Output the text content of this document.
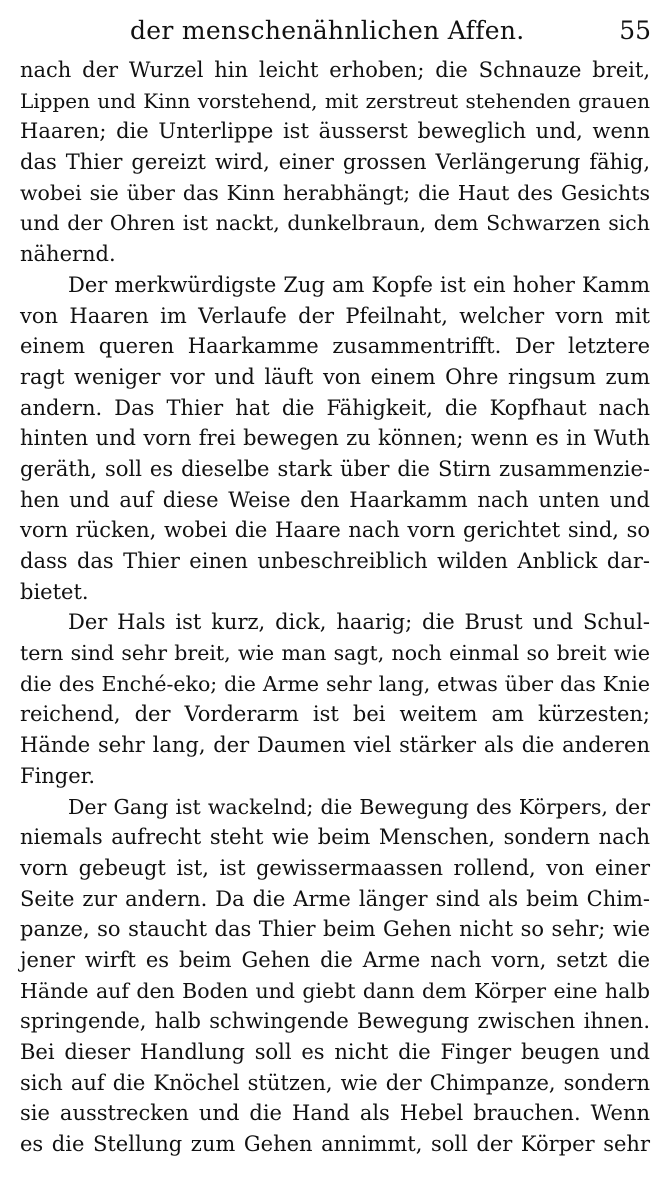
der menschenähnlichen Affen.	55
nach der Wurzel hin leicht erhoben; die Schnauze breit,
Lippen und Kinn vorstehend, mit zerstreut stehenden grauen
Haaren; die Unterlippe ist äusserst beweglich und, wenn
das Thier gereizt wird, einer grossen Verlängerung fähig,
wobei sie über das Kinn herabhängt; die Haut des Gesichts
und der Ohren ist nackt, dunkelbraun, dem Schwarzen sich
nähernd.
Der merkwürdigste Zug am Kopfe ist ein hoher Kamm
von Haaren im Verlaufe der Pfeilnaht, welcher vorn mit
einem queren Haarkamme zusammentrifft. Der letztere
ragt weniger vor und läuft von einem Ohre ringsum zum
andern. Das Thier hat die Fähigkeit, die Kopfhaut nach
hinten und vorn frei bewegen zu können; wenn es in Wuth
geräth, soll es dieselbe stark über die Stirn zusammenzie-
hen und auf diese Weise den Haarkamm nach unten und
vorn rücken, wobei die Haare nach vorn gerichtet sind, so
dass das Thier einen unbeschreiblich wilden Anblick dar-
bietet.
Der Hals ist kurz, dick, haarig; die Brust und Schul-
tern sind sehr breit, wie man sagt, noch einmal so breit wie
die des Enché-eko; die Arme sehr lang, etwas über das Knie
reichend, der Vorderarm ist bei weitem am kürzesten;
Hände sehr lang, der Daumen viel stärker als die anderen
Finger.
Der Gang ist wackelnd; die Bewegung des Körpers, der
niemals aufrecht steht wie beim Menschen, sondern nach
vorn gebeugt ist, ist gewissermaassen rollend, von einer
Seite zur andern. Da die Arme länger sind als beim Chim-
panze, so staucht das Thier beim Gehen nicht so sehr; wie
jener wirft es beim Gehen die Arme nach vorn, setzt die
Hände auf den Boden und giebt dann dem Körper eine halb
springende, halb schwingende Bewegung zwischen ihnen.
Bei dieser Handlung soll es nicht die Finger beugen und
sich auf die Knöchel stützen, wie der Chimpanze, sondern
sie ausstrecken und die Hand als Hebel brauchen. Wenn
es die Stellung zum Gehen annimmt, soll der Körper sehr
